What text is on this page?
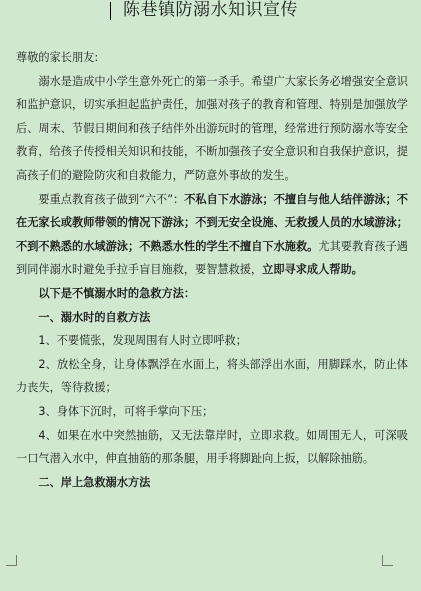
陈巷镇防溺水知识宣传

尊敬的家长朋友:

溺水是造成中小学生意外死亡的第一杀手。希望广大家长务必增强安全意识和监护意识，切实承担起监护责任，加强对孩子的教育和管理、特别是加强放学后、周末、节假日期间和孩子结伴外出游玩时的管理，经常进行预防溺水等安全教育，给孩子传授相关知识和技能，不断加强孩子安全意识和自我保护意识，提高孩子们的避险防灾和自救能力，严防意外事故的发生。

要重点教育孩子做到“六不”：不私自下水游泳；不擅自与他人结伴游泳；不在无家长或教师带领的情况下游泳；不到无安全设施、无救援人员的水域游泳；不到不熟悉的水域游泳；不熟悉水性的学生不擅自下水施救。尤其要教育孩子遇到同伴溺水时避免手拉手盲目施救，要智慧救援，立即寻求成人帮助。

以下是不慎溺水时的急救方法：

一、溺水时的自救方法

1、不要慌张，发现周围有人时立即呼救；

2、放松全身，让身体飘浮在水面上，将头部浮出水面，用脚踩水，防止体力丧失，等待救援；

3、身体下沉时，可将手掌向下压；

4、如果在水中突然抽筋，又无法靠岸时，立即求救。如周围无人，可深吸一口气潜入水中，伸直抽筋的那条腿，用手将脚趾向上扳，以解除抽筋。

二、岸上急救溺水方法
